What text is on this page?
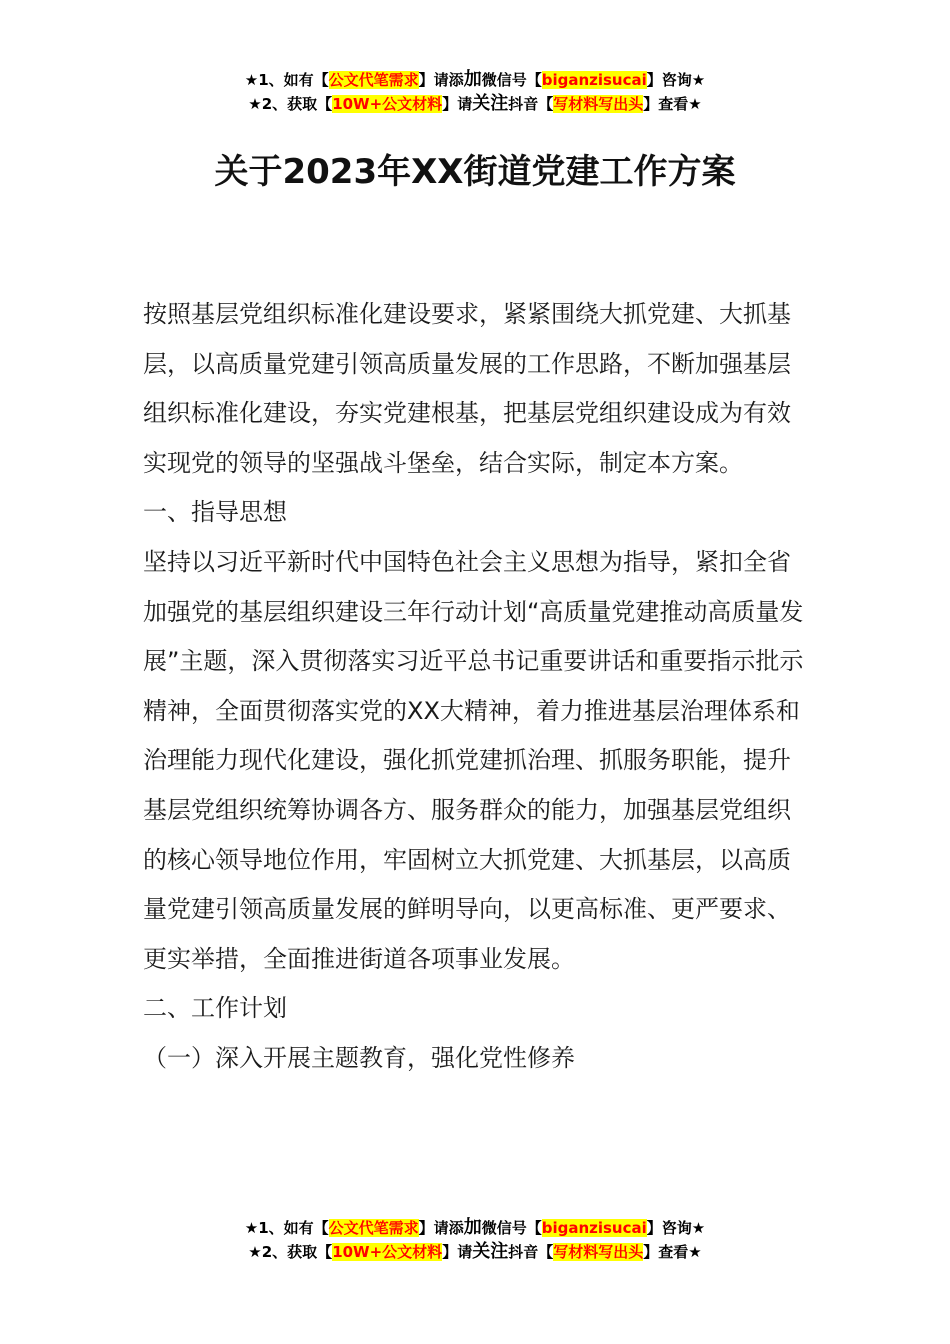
★1、如有【公文代笔需求】请添加微信号【biganzisucai】咨询★
★2、获取【10W+公文材料】请关注抖音【写材料写出头】查看★
关于2023年XX街道党建工作方案

按照基层党组织标准化建设要求，紧紧围绕大抓党建、大抓基层，以高质量党建引领高质量发展的工作思路，不断加强基层组织标准化建设，夯实党建根基，把基层党组织建设成为有效实现党的领导的坚强战斗堡垒，结合实际，制定本方案。

一、指导思想

坚持以习近平新时代中国特色社会主义思想为指导，紧扣全省加强党的基层组织建设三年行动计划“高质量党建推动高质量发展”主题，深入贯彻落实习近平总书记重要讲话和重要指示批示精神，全面贯彻落实党的XX大精神，着力推进基层治理体系和治理能力现代化建设，强化抓党建抓治理、抓服务职能，提升基层党组织统筹协调各方、服务群众的能力，加强基层党组织的核心领导地位作用，牢固树立大抓党建、大抓基层，以高质量党建引领高质量发展的鲜明导向，以更高标准、更严要求、更实举措，全面推进街道各项事业发展。

二、工作计划

（一）深入开展主题教育，强化党性修养

★1、如有【公文代笔需求】请添加微信号【biganzisucai】咨询★
★2、获取【10W+公文材料】请关注抖音【写材料写出头】查看★
